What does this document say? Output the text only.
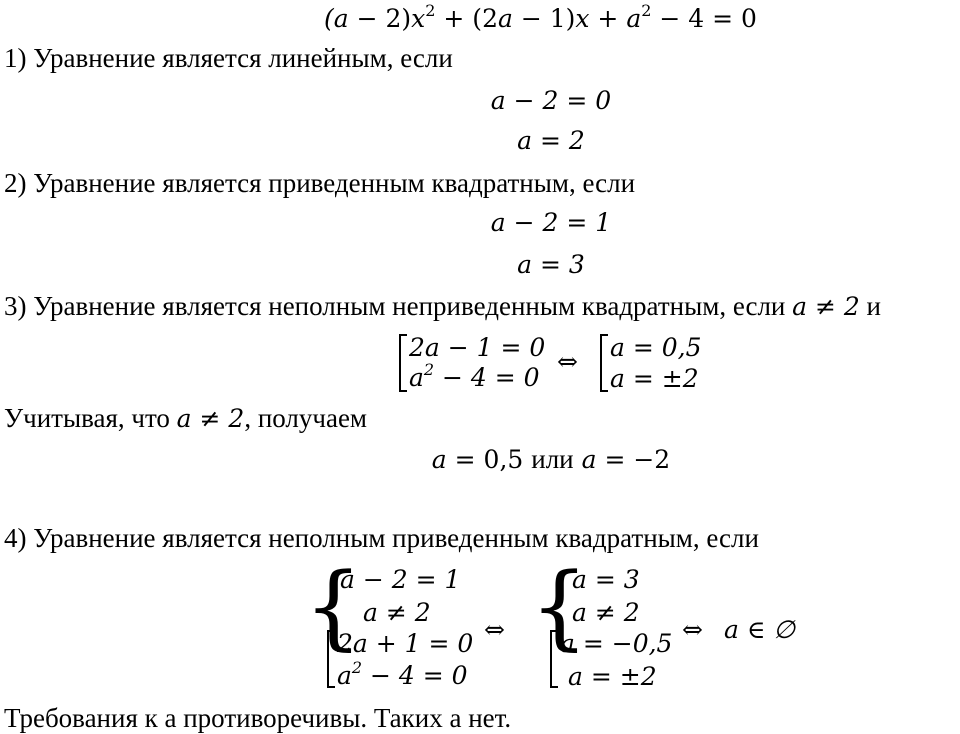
$(a - 2)x^2 + (2a - 1)x + a^2 - 4 = 0$
1) Уравнение является линейным, если
a − 2 = 0
a = 2
2) Уравнение является приведенным квадратным, если
a − 2 = 1
a = 3
3) Уравнение является неполным неприведенным квадратным, если a ≠ 2 и
2a − 1 = 0
$a^2 - 4 = 0$
⇔ a = 0,5
a = ±2
Учитывая, что a ≠ 2, получаем
a = 0,5 или a = −2
4) Уравнение является неполным приведенным квадратным, если
{
a − 2 = 1
a ≠ 2
2a + 1 = 0
$a^2 - 4 = 0$
⇔ {
a = 3
a ≠ 2
a = −0,5
a = ±2
⇔ a ∈ ∅
Требования к a противоречивы. Таких a нет.
